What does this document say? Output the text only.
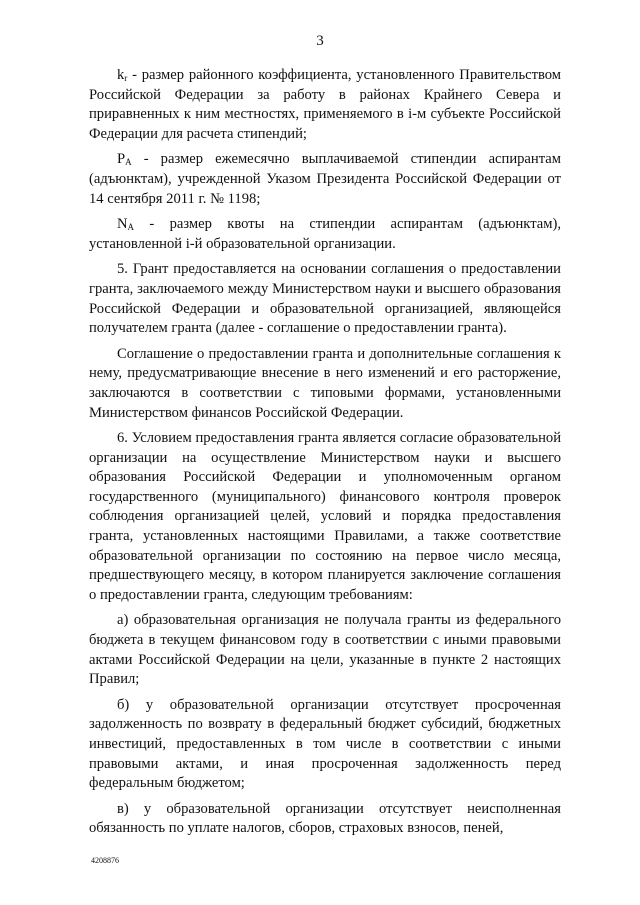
3

$k_r$ - размер районного коэффициента, установленного Правительством Российской Федерации за работу в районах Крайнего Севера и приравненных к ним местностях, применяемого в i-м субъекте Российской Федерации для расчета стипендий;

$P_A$ - размер ежемесячно выплачиваемой стипендии аспирантам (адъюнктам), учрежденной Указом Президента Российской Федерации от 14 сентября 2011 г. № 1198;

$N_A$ - размер квоты на стипендии аспирантам (адъюнктам), установленной i-й образовательной организации.

5. Грант предоставляется на основании соглашения о предоставлении гранта, заключаемого между Министерством науки и высшего образования Российской Федерации и образовательной организацией, являющейся получателем гранта (далее - соглашение о предоставлении гранта).

Соглашение о предоставлении гранта и дополнительные соглашения к нему, предусматривающие внесение в него изменений и его расторжение, заключаются в соответствии с типовыми формами, установленными Министерством финансов Российской Федерации.

6. Условием предоставления гранта является согласие образовательной организации на осуществление Министерством науки и высшего образования Российской Федерации и уполномоченным органом государственного (муниципального) финансового контроля проверок соблюдения организацией целей, условий и порядка предоставления гранта, установленных настоящими Правилами, а также соответствие образовательной организации по состоянию на первое число месяца, предшествующего месяцу, в котором планируется заключение соглашения о предоставлении гранта, следующим требованиям:

а) образовательная организация не получала гранты из федерального бюджета в текущем финансовом году в соответствии с иными правовыми актами Российской Федерации на цели, указанные в пункте 2 настоящих Правил;

б) у образовательной организации отсутствует просроченная задолженность по возврату в федеральный бюджет субсидий, бюджетных инвестиций, предоставленных в том числе в соответствии с иными правовыми актами, и иная просроченная задолженность перед федеральным бюджетом;

в) у образовательной организации отсутствует неисполненная обязанность по уплате налогов, сборов, страховых взносов, пеней,

4208876
